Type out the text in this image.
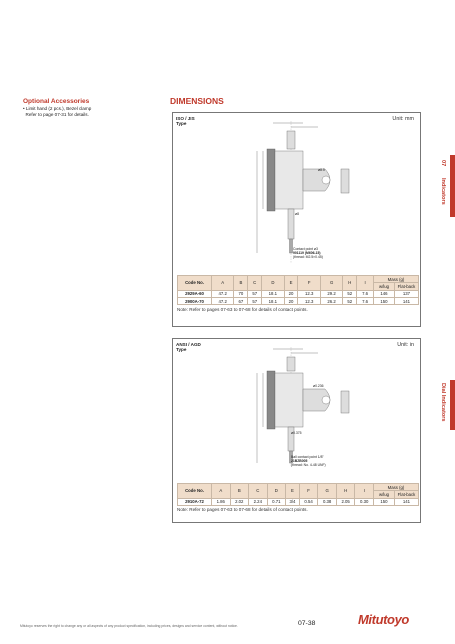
Optional Accessories
• Limit hand (2 pcs.), Bezel clamp
Refer to page 07-31 for details.
DIMENSIONS
07
Indicators
Dial Indicators
ISO / JIS
Type
Unit: mm
ø8.5
ø8
Contact point ø3
901119 (M606-15)
(thread: M2.5×0.45)
Code No.	A	B	C	D	E	F	G	H	I	Mass (g)	
										w/lug	Flat-back
2929A-60	47.2	70	57	18.1	20	12.3	29.2	52	7.6	146	137
2900A-70	47.2	67	57	18.1	20	12.3	26.2	52	7.6	150	141
Note: Refer to pages 07-63 to 07-68 for details of contact points.
ANSI / AGD
Type
Unit: in
ø0.236
ø0.375
Ball contact point 1/8"
21BZB005
(thread: No. 4-48 UNF)
Code No.	A	B	C	D	E	F	G	H	I	Mass (g)	
										w/lug	Flat-back
2910A-72	1.86	2.02	2.24	0.71	3/4	0.54	0.38	2.05	0.30	150	141
Note: Refer to pages 07-63 to 07-68 for details of contact points.
Mitutoyo reserves the right to change any or all aspects of any product specification, including prices, designs and service content, without notice.	07-38	Mitutoyo
